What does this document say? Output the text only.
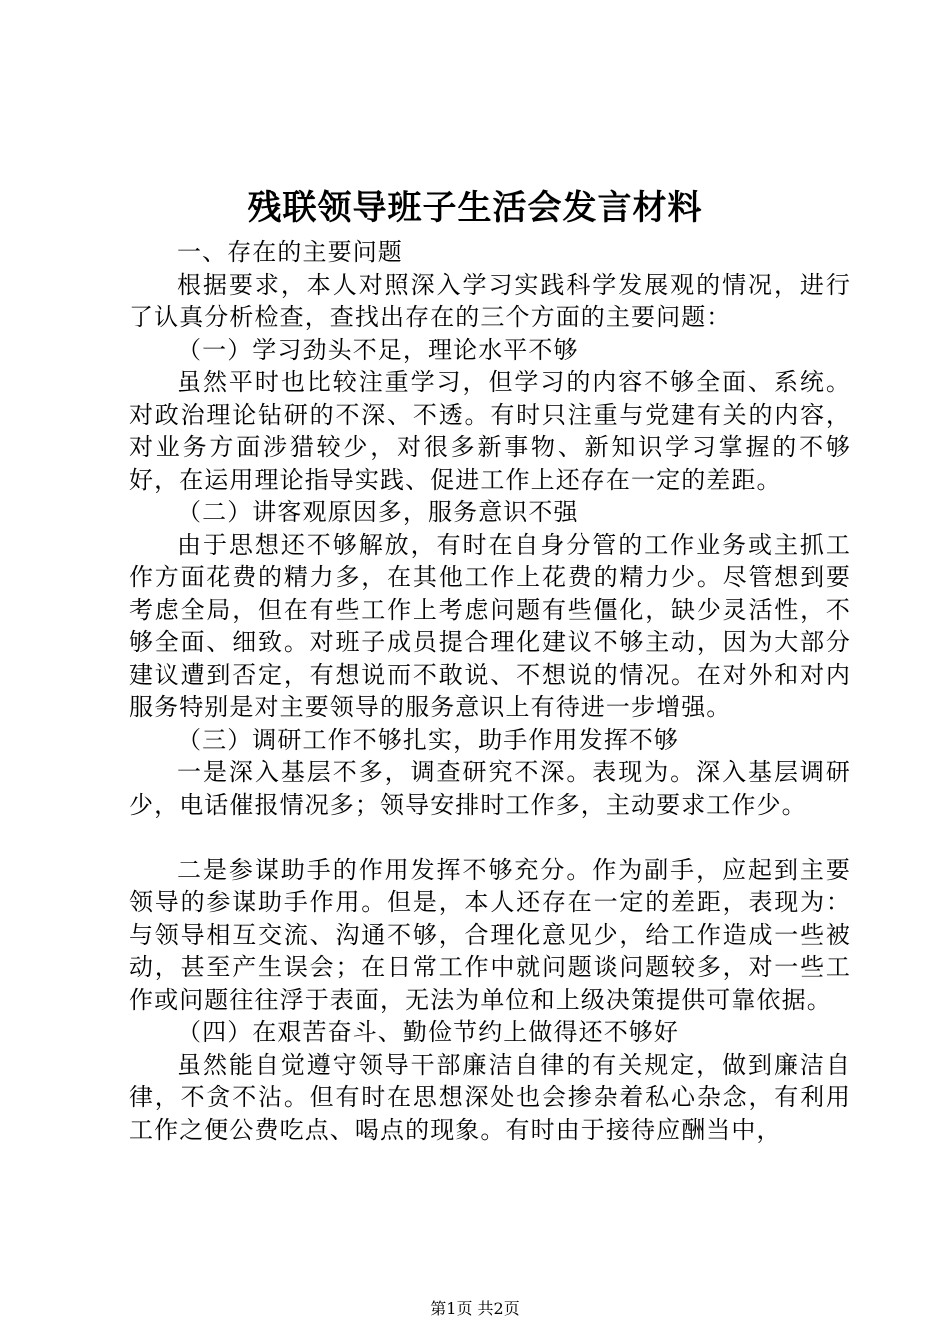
残联领导班子生活会发言材料

一、存在的主要问题

根据要求，本人对照深入学习实践科学发展观的情况，进行了认真分析检查，查找出存在的三个方面的主要问题：

（一）学习劲头不足，理论水平不够

虽然平时也比较注重学习，但学习的内容不够全面、系统。对政治理论钻研的不深、不透。有时只注重与党建有关的内容，对业务方面涉猎较少，对很多新事物、新知识学习掌握的不够好，在运用理论指导实践、促进工作上还存在一定的差距。

（二）讲客观原因多，服务意识不强

由于思想还不够解放，有时在自身分管的工作业务或主抓工作方面花费的精力多，在其他工作上花费的精力少。尽管想到要考虑全局，但在有些工作上考虑问题有些僵化，缺少灵活性，不够全面、细致。对班子成员提合理化建议不够主动，因为大部分建议遭到否定，有想说而不敢说、不想说的情况。在对外和对内服务特别是对主要领导的服务意识上有待进一步增强。

（三）调研工作不够扎实，助手作用发挥不够

一是深入基层不多，调查研究不深。表现为。深入基层调研少，电话催报情况多；领导安排时工作多，主动要求工作少。

二是参谋助手的作用发挥不够充分。作为副手，应起到主要领导的参谋助手作用。但是，本人还存在一定的差距，表现为：与领导相互交流、沟通不够，合理化意见少，给工作造成一些被动，甚至产生误会；在日常工作中就问题谈问题较多，对一些工作或问题往往浮于表面，无法为单位和上级决策提供可靠依据。

（四）在艰苦奋斗、勤俭节约上做得还不够好

虽然能自觉遵守领导干部廉洁自律的有关规定，做到廉洁自律，不贪不沾。但有时在思想深处也会掺杂着私心杂念，有利用工作之便公费吃点、喝点的现象。有时由于接待应酬当中，

第1页 共2页
